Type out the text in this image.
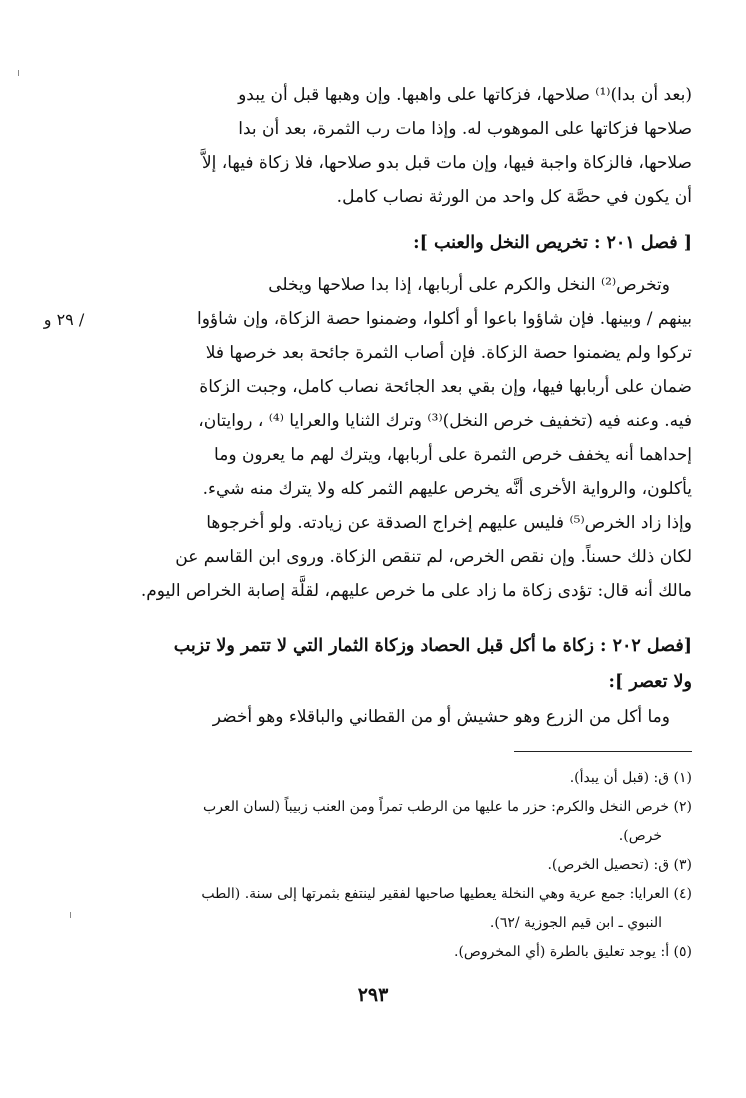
(بعد أن بدا)⁽¹⁾ صلاحها، فزكاتها على واهبها. وإن وهبها قبل أن يبدو
صلاحها فزكاتها على الموهوب له. وإذا مات رب الثمرة، بعد أن بدا
صلاحها، فالزكاة واجبة فيها، وإن مات قبل بدو صلاحها، فلا زكاة فيها، إلاَّ
أن يكون في حصَّة كل واحد من الورثة نصاب كامل.
[ فصل ٢٠١ : تخريص النخل والعنب ]:
وتخرص⁽²⁾ النخل والكرم على أربابها، إذا بدا صلاحها ويخلى
بينهم / وبينها. فإن شاؤوا باعوا أو أكلوا، وضمنوا حصة الزكاة، وإن شاؤوا
تركوا ولم يضمنوا حصة الزكاة. فإن أصاب الثمرة جائحة بعد خرصها فلا
ضمان على أربابها فيها، وإن بقي بعد الجائحة نصاب كامل، وجبت الزكاة
فيه. وعنه فيه (تخفيف خرص النخل)⁽³⁾ وترك الثنايا والعرايا ⁽⁴⁾ ، روايتان،
إحداهما أنه يخفف خرص الثمرة على أربابها، ويترك لهم ما يعرون وما
يأكلون، والرواية الأخرى أنَّه يخرص عليهم الثمر كله ولا يترك منه شيء.
وإذا زاد الخرص⁽⁵⁾ فليس عليهم إخراج الصدقة عن زيادته. ولو أخرجوها
لكان ذلك حسناً. وإن نقص الخرص، لم تنقص الزكاة. وروى ابن القاسم عن
مالك أنه قال: تؤدى زكاة ما زاد على ما خرص عليهم، لقلَّة إصابة الخراص اليوم.
/ ٢٩ و
[فصل ٢٠٢ : زكاة ما أكل قبل الحصاد وزكاة الثمار التي لا تتمر ولا تزبب
ولا تعصر ]:
وما أكل من الزرع وهو حشيش أو من القطاني والباقلاء وهو أخضر
(١) ق: (قبل أن يبدأ).
(٢) خرص النخل والكرم: حزر ما عليها من الرطب تمراً ومن العنب زبيباً (لسان العرب
خرص).
(٣) ق: (تحصيل الخرص).
(٤) العرايا: جمع عرية وهي النخلة يعطيها صاحبها لفقير لينتفع بثمرتها إلى سنة. (الطب
النبوي ـ ابن قيم الجوزية /٦٢).
(٥) أ: يوجد تعليق بالطرة (أي المخروص).
٢٩٣
